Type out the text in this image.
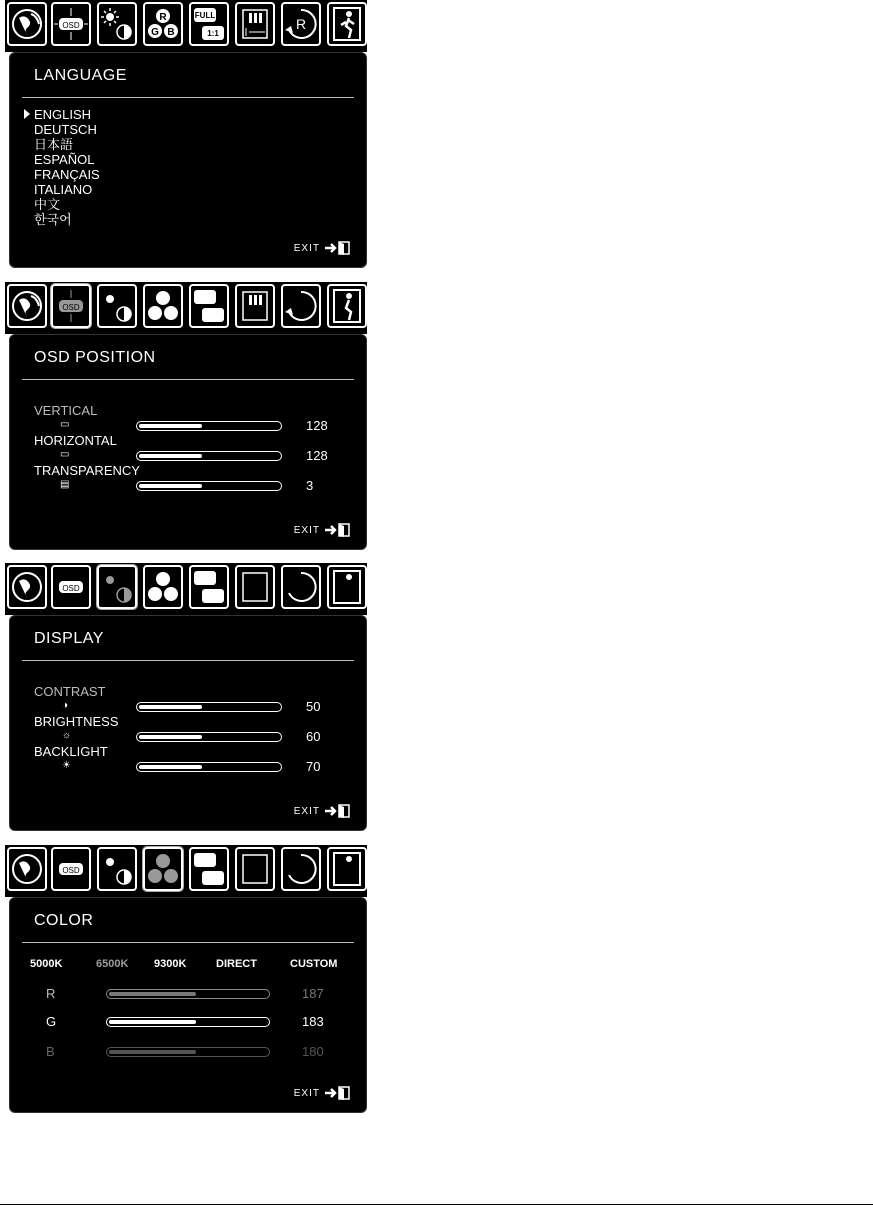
OSD
R
G B
FULL
1:1
R
LANGUAGE
ENGLISH
DEUTSCH
日本語
ESPAÑOL
FRANÇAIS
ITALIANO
中文
한국어
EXIT
OSD
OSD POSITION
VERTICAL
▭	128
HORIZONTAL
▭	128
TRANSPARENCY
▤	3
EXIT
OSD
DISPLAY
CONTRAST
◑	50
BRIGHTNESS
☼	60
BACKLIGHT
☀	70
EXIT
OSD
COLOR
5000K	6500K 9300K	DIRECT	CUSTOM
R	187
G	183
B	180
EXIT
